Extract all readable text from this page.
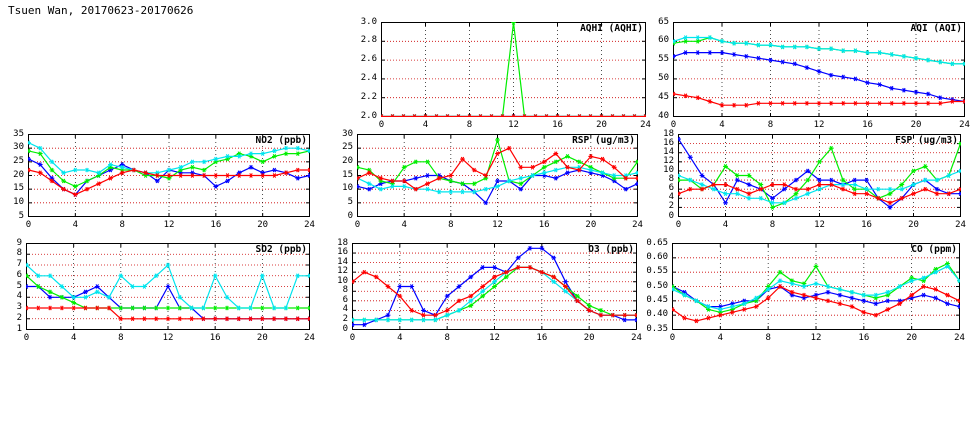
Tsuen Wan, 20170623-20170626
2.0
2.2
2.4
2.6
2.8
3.0
0	4	8	12	16	20	24
AQHI (AQHI)
40
45
50
55
60
65
0	4	8	12	16	20	24
AQI (AQI)
5
10
15
20
25
30
35
0	4	8	12	16	20	24
NO2 (ppb)
0
5
10
15
20
25
30
0	4	8	12	16	20	24
RSP (ug/m3)
0
2
4
6
8
10
12
14
16
18
0	4	8	12	16	20	24
FSP (ug/m3)
1
2
3
4
5
6
7
8
9
0	4	8	12	16	20	24
SO2 (ppb)
0
2
4
6
8
10
12
14
16
18
0	4	8	12	16	20	24
O3 (ppb)
0.35
0.40
0.45
0.50
0.55
0.60
0.65
0	4	8	12	16	20	24
CO (ppm)
